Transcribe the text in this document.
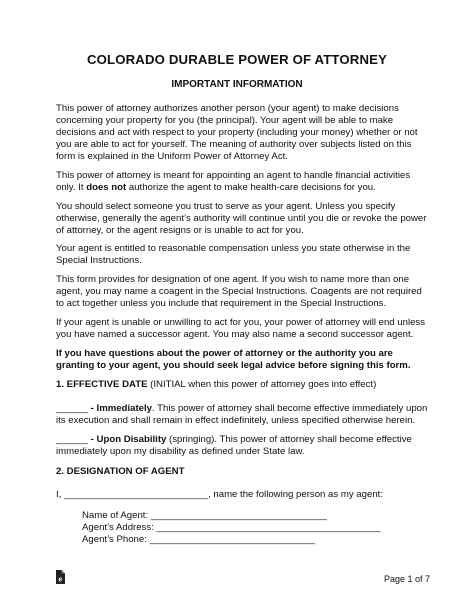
COLORADO DURABLE POWER OF ATTORNEY
IMPORTANT INFORMATION

This power of attorney authorizes another person (your agent) to make decisions

concerning your property for you (the principal). Your agent will be able to make

decisions and act with respect to your property (including your money) whether or not

you are able to act for yourself. The meaning of authority over subjects listed on this

form is explained in the Uniform Power of Attorney Act.

This power of attorney is meant for appointing an agent to handle financial activities

only. It does not authorize the agent to make health-care decisions for you.

You should select someone you trust to serve as your agent. Unless you specify

otherwise, generally the agent’s authority will continue until you die or revoke the power

of attorney, or the agent resigns or is unable to act for you.

Your agent is entitled to reasonable compensation unless you state otherwise in the

Special Instructions.

This form provides for designation of one agent. If you wish to name more than one

agent, you may name a coagent in the Special Instructions. Coagents are not required

to act together unless you include that requirement in the Special Instructions.

If your agent is unable or unwilling to act for you, your power of attorney will end unless

you have named a successor agent. You may also name a second successor agent.

If you have questions about the power of attorney or the authority you are

granting to your agent, you should seek legal advice before signing this form.

1. EFFECTIVE DATE (INITIAL when this power of attorney goes into effect)

______ - Immediately. This power of attorney shall become effective immediately upon

its execution and shall remain in effect indefinitely, unless specified otherwise herein.

______ - Upon Disability (springing). This power of attorney shall become effective

immediately upon my disability as defined under State law.

2. DESIGNATION OF AGENT

I, ___________________________, name the following person as my agent:

Name of Agent: _________________________________

Agent’s Address: __________________________________________

Agent’s Phone: _______________________________

e	Page 1 of 7
